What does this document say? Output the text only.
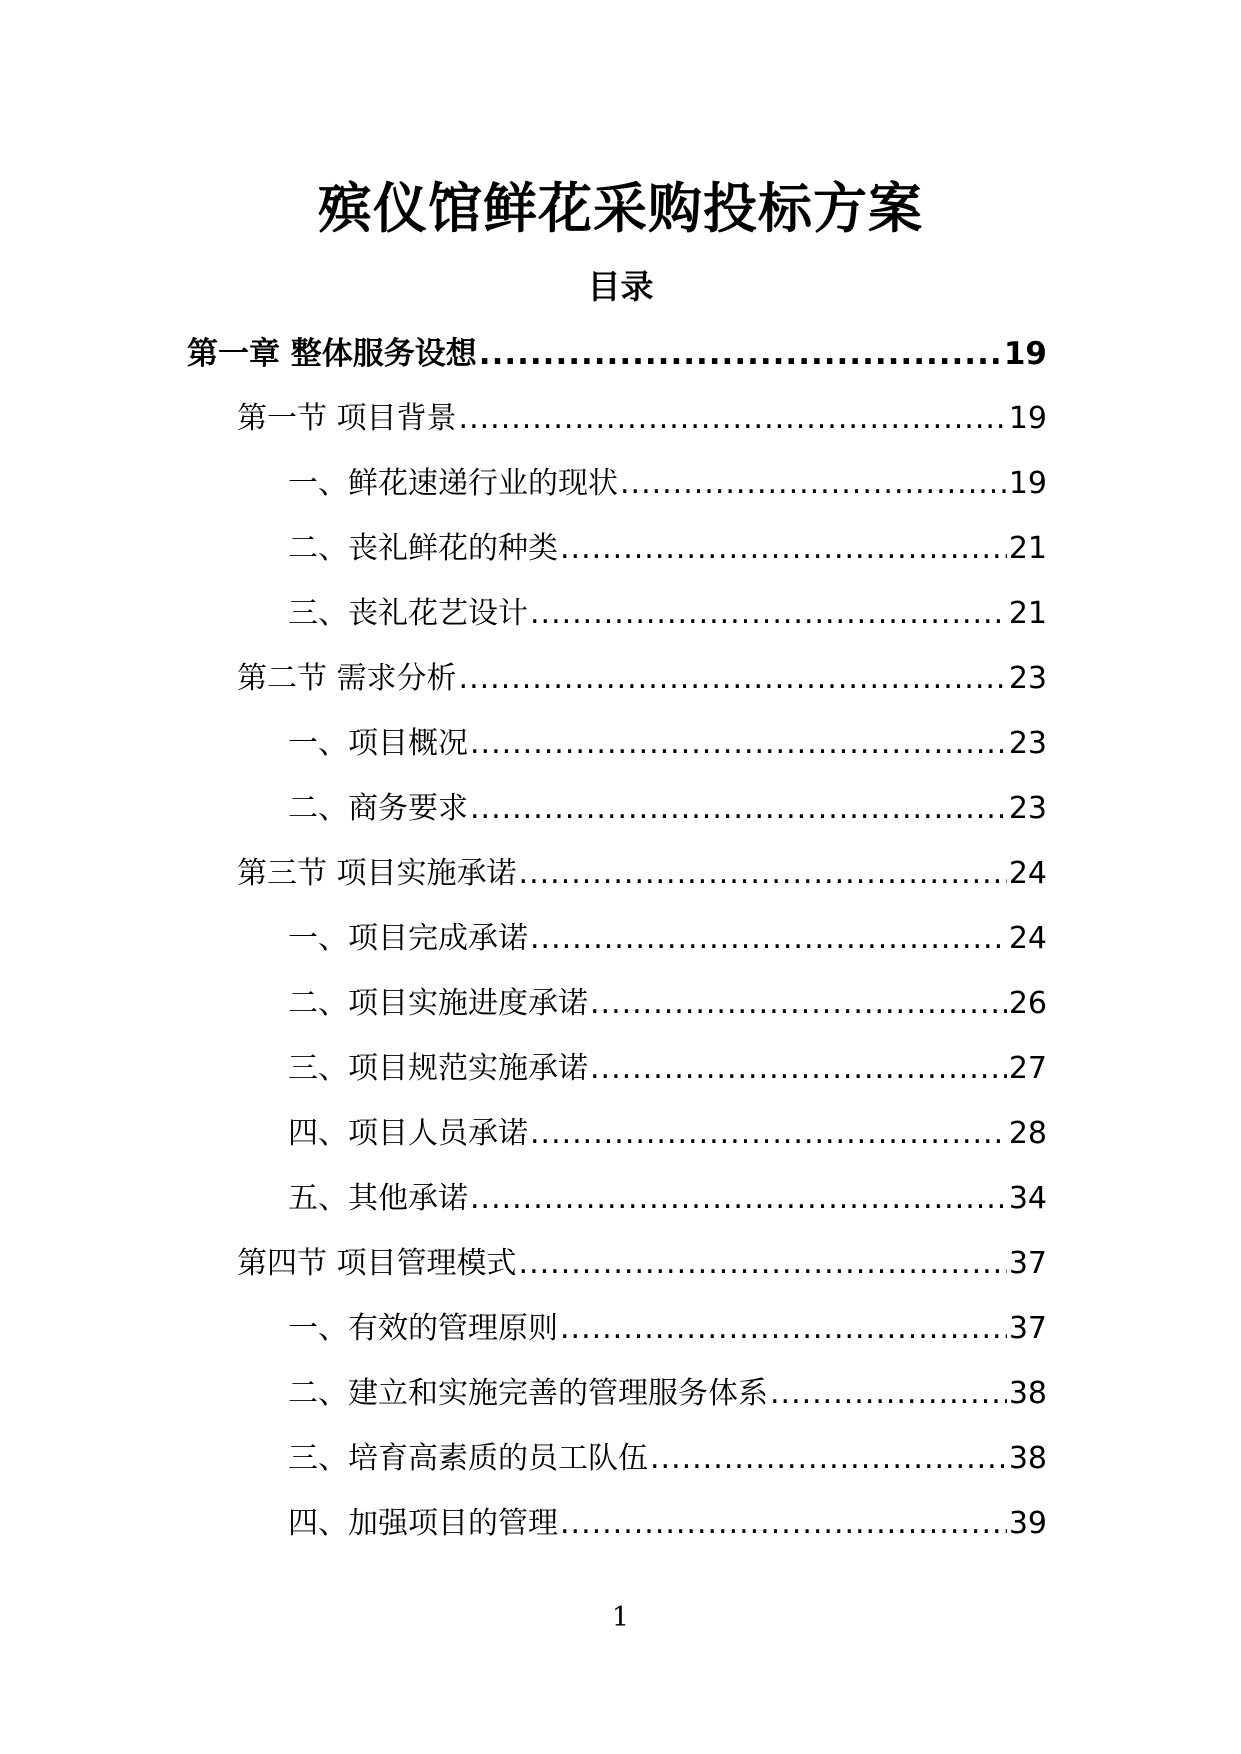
殡仪馆鲜花采购投标方案
目录
第一章 整体服务设想 .....	19
第一节 项目背景 .....	19
一、鲜花速递行业的现状 .....	19
二、丧礼鲜花的种类 .....	21
三、丧礼花艺设计 .....	21
第二节 需求分析 .....	23
一、项目概况 .....	23
二、商务要求 .....	23
第三节 项目实施承诺 .....	24
一、项目完成承诺 .....	24
二、项目实施进度承诺 .....	26
三、项目规范实施承诺 .....	27
四、项目人员承诺 .....	28
五、其他承诺 .....	34
第四节 项目管理模式 .....	37
一、有效的管理原则 .....	37
二、建立和实施完善的管理服务体系 .....	38
三、培育高素质的员工队伍 .....	38
四、加强项目的管理 .....	39
1
